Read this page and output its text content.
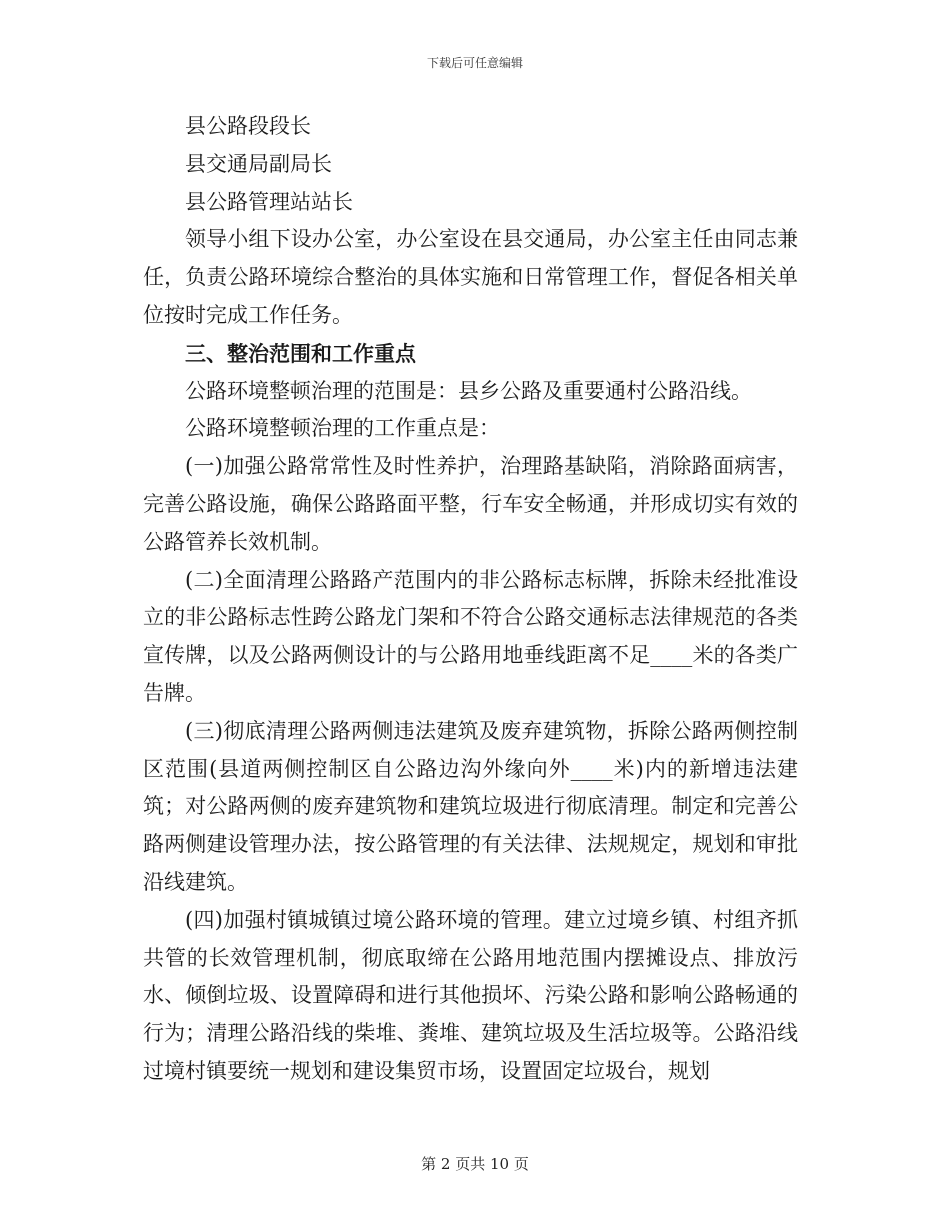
下载后可任意编辑

县公路段段长

县交通局副局长

县公路管理站站长

领导小组下设办公室，办公室设在县交通局，办公室主任由同志兼任，负责公路环境综合整治的具体实施和日常管理工作，督促各相关单位按时完成工作任务。

三、整治范围和工作重点

公路环境整顿治理的范围是：县乡公路及重要通村公路沿线。

公路环境整顿治理的工作重点是：

(一)加强公路常常性及时性养护，治理路基缺陷，消除路面病害，完善公路设施，确保公路路面平整，行车安全畅通，并形成切实有效的公路管养长效机制。

(二)全面清理公路路产范围内的非公路标志标牌，拆除未经批准设立的非公路标志性跨公路龙门架和不符合公路交通标志法律规范的各类宣传牌，以及公路两侧设计的与公路用地垂线距离不足____米的各类广告牌。

(三)彻底清理公路两侧违法建筑及废弃建筑物，拆除公路两侧控制区范围(县道两侧控制区自公路边沟外缘向外____米)内的新增违法建筑；对公路两侧的废弃建筑物和建筑垃圾进行彻底清理。制定和完善公路两侧建设管理办法，按公路管理的有关法律、法规规定，规划和审批沿线建筑。

(四)加强村镇城镇过境公路环境的管理。建立过境乡镇、村组齐抓共管的长效管理机制，彻底取缔在公路用地范围内摆摊设点、排放污水、倾倒垃圾、设置障碍和进行其他损坏、污染公路和影响公路畅通的行为；清理公路沿线的柴堆、粪堆、建筑垃圾及生活垃圾等。公路沿线过境村镇要统一规划和建设集贸市场，设置固定垃圾台，规划

第 2 页共 10 页
